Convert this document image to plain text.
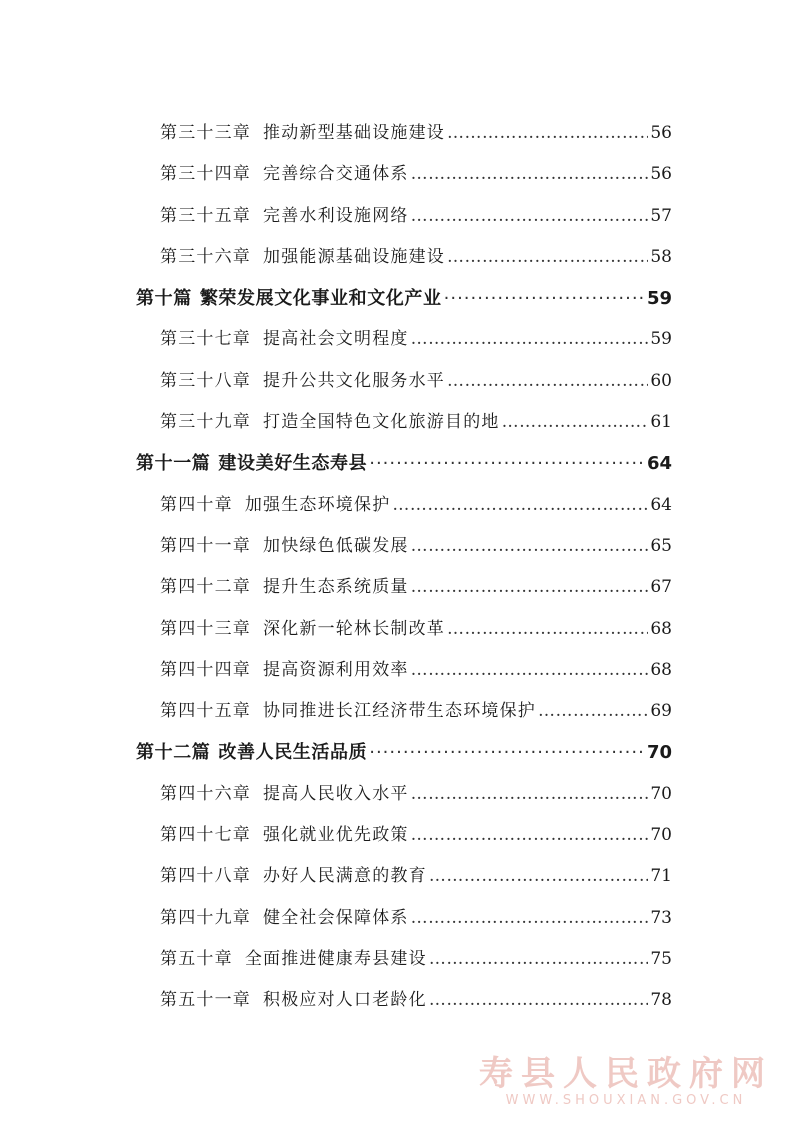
第三十三章 推动新型基础设施建设 …………………………………………………………………………………………………………………………	56
第三十四章 完善综合交通体系 …………………………………………………………………………………………………………………………	56
第三十五章 完善水利设施网络 …………………………………………………………………………………………………………………………	57
第三十六章 加强能源基础设施建设 …………………………………………………………………………………………………………………………	58
第十篇 繁荣发展文化事业和文化产业 ·····	59
第三十七章 提高社会文明程度 …………………………………………………………………………………………………………………………	59
第三十八章 提升公共文化服务水平 …………………………………………………………………………………………………………………………	60
第三十九章 打造全国特色文化旅游目的地 …………………………………………………………………………………………………………………………	61
第十一篇 建设美好生态寿县 ·····	64
第四十章 加强生态环境保护 …………………………………………………………………………………………………………………………	64
第四十一章 加快绿色低碳发展 …………………………………………………………………………………………………………………………	65
第四十二章 提升生态系统质量 …………………………………………………………………………………………………………………………	67
第四十三章 深化新一轮林长制改革 …………………………………………………………………………………………………………………………	68
第四十四章 提高资源利用效率 …………………………………………………………………………………………………………………………	68
第四十五章 协同推进长江经济带生态环境保护 …………………………………………………………………………………………………………………………	69
第十二篇 改善人民生活品质 ·····	70
第四十六章 提高人民收入水平 …………………………………………………………………………………………………………………………	70
第四十七章 强化就业优先政策 …………………………………………………………………………………………………………………………	70
第四十八章 办好人民满意的教育 …………………………………………………………………………………………………………………………	71
第四十九章 健全社会保障体系 …………………………………………………………………………………………………………………………	73
第五十章 全面推进健康寿县建设 …………………………………………………………………………………………………………………………	75
第五十一章 积极应对人口老龄化 …………………………………………………………………………………………………………………………	78
寿县人民政府网
WWW.SHOUXIAN.GOV.CN
